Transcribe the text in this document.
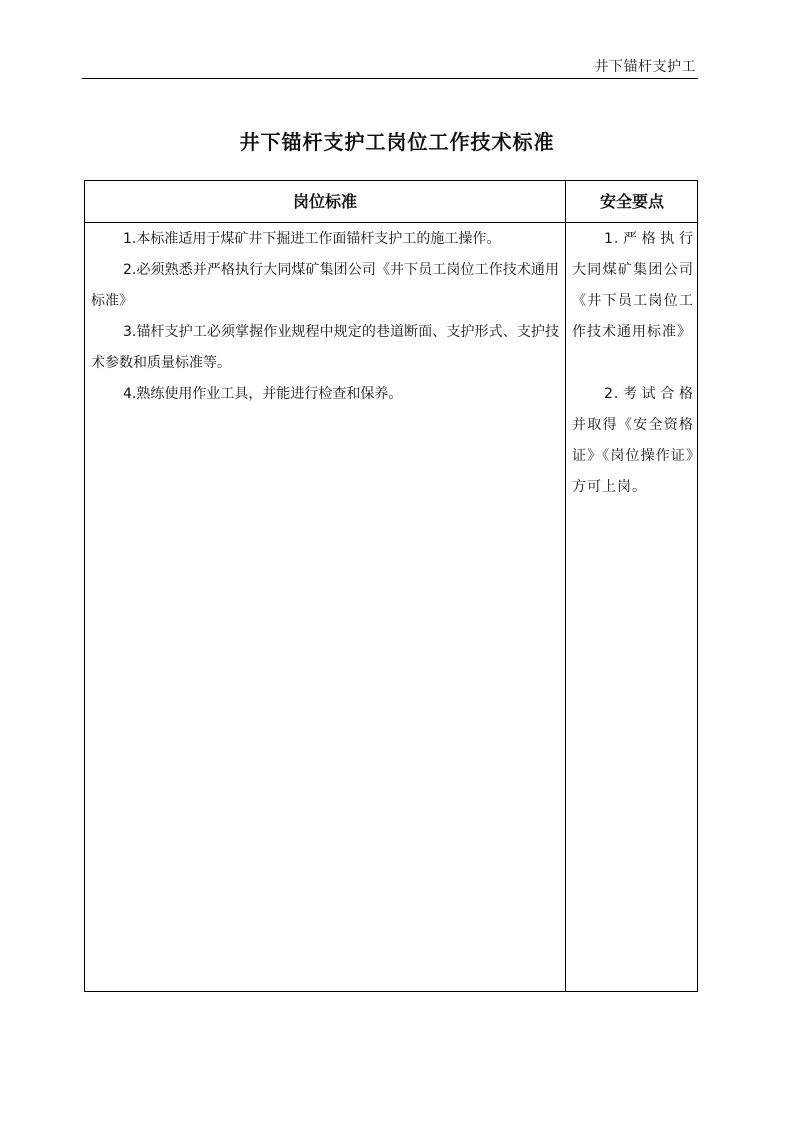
井下锚杆支护工
井下锚杆支护工岗位工作技术标准
岗位标准	安全要点

1.本标准适用于煤矿井下掘进工作面锚杆支护工的施工操作。

2.必须熟悉并严格执行大同煤矿集团公司《井下员工岗位工作技术通用标准》

3.锚杆支护工必须掌握作业规程中规定的巷道断面、支护形式、支护技术参数和质量标准等。

4.熟练使用作业工具，并能进行检查和保养。

1.严格执行大同煤矿集团公司《井下员工岗位工作技术通用标准》

2.考试合格并取得《安全资格证》《岗位操作证》方可上岗。
